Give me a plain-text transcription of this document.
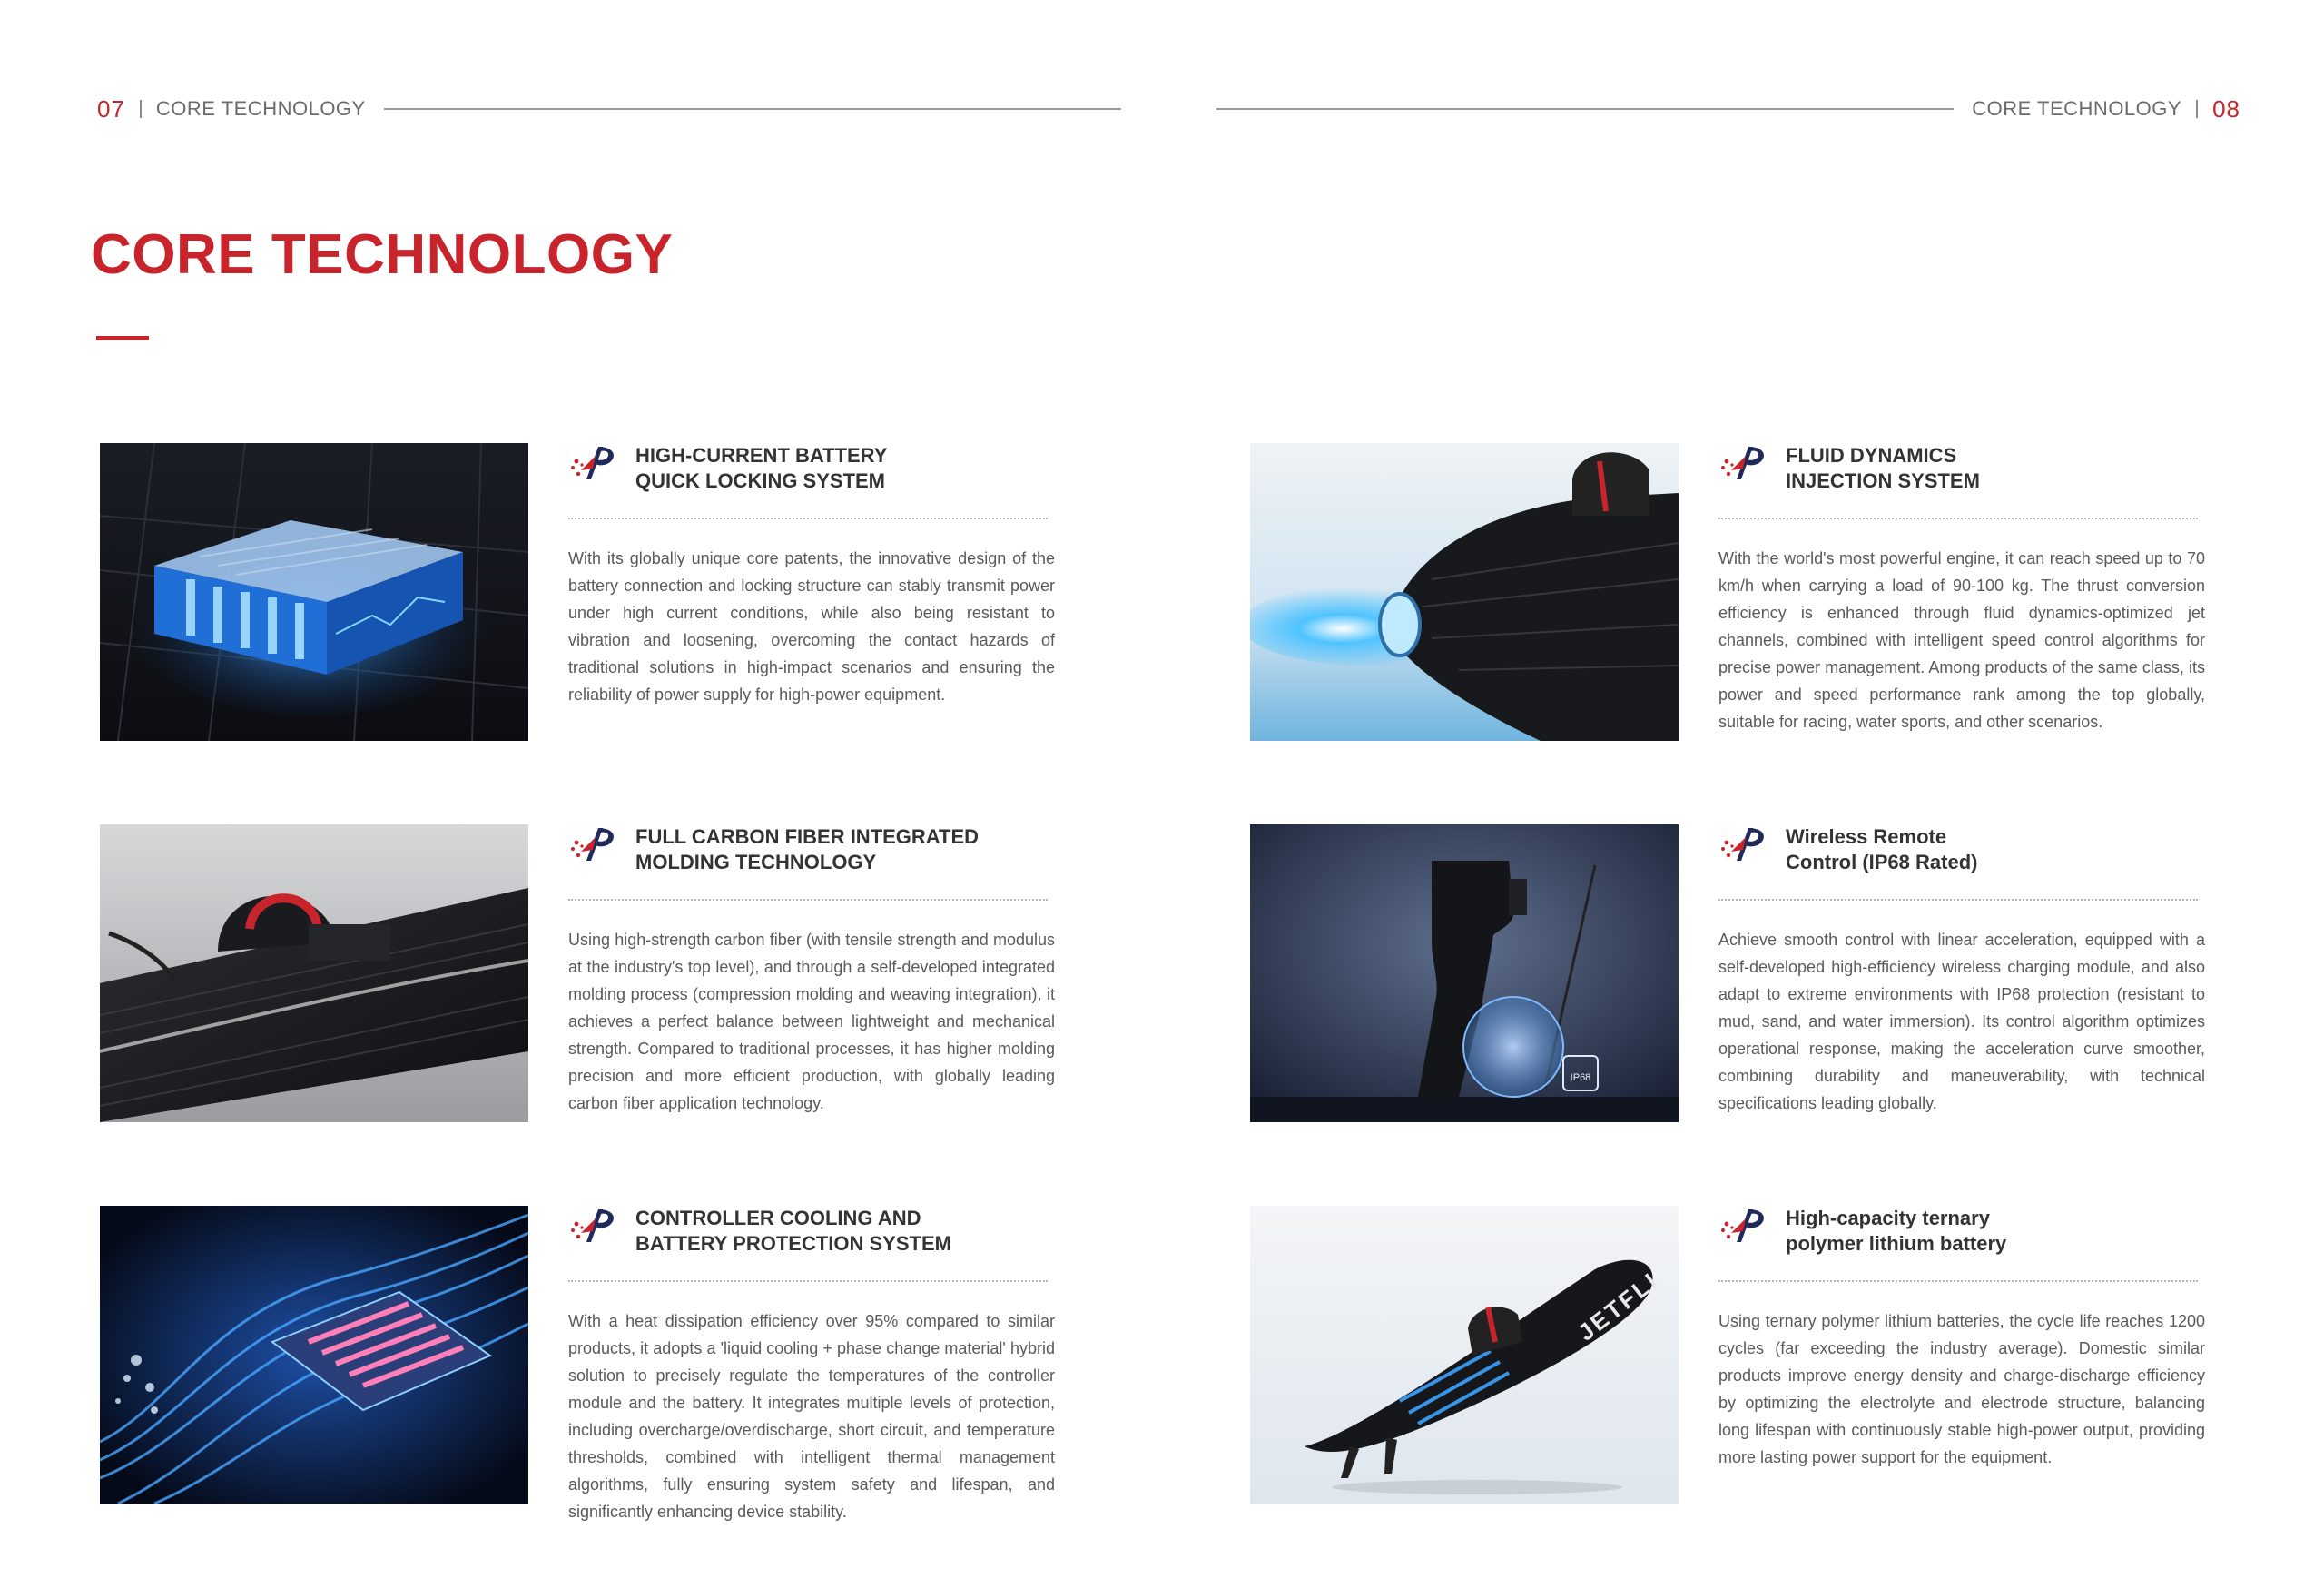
07 CORE TECHNOLOGY
CORE TECHNOLOGY
HIGH-CURRENT BATTERY
QUICK LOCKING SYSTEM

With its globally unique core patents, the innovative design of the battery connection and locking structure can stably transmit power under high current conditions, while also being resistant to vibration and loosening, overcoming the contact hazards of traditional solutions in high-impact scenarios and ensuring the reliability of power supply for high-power equipment.

FULL CARBON FIBER INTEGRATED
MOLDING TECHNOLOGY

Using high-strength carbon fiber (with tensile strength and modulus at the industry's top level), and through a self-developed integrated molding process (compression molding and weaving integration), it achieves a perfect balance between lightweight and mechanical strength. Compared to traditional processes, it has higher molding precision and more efficient production, with globally leading carbon fiber application technology.

CONTROLLER COOLING AND
BATTERY PROTECTION SYSTEM

With a heat dissipation efficiency over 95% compared to similar products, it adopts a 'liquid cooling + phase change material' hybrid solution to precisely regulate the temperatures of the controller module and the battery. It integrates multiple levels of protection, including overcharge/overdischarge, short circuit, and temperature thresholds, combined with intelligent thermal management algorithms, fully ensuring system safety and lifespan, and significantly enhancing device stability.

CORE TECHNOLOGY 08
FLUID DYNAMICS
INJECTION SYSTEM

With the world's most powerful engine, it can reach speed up to 70 km/h when carrying a load of 90-100 kg. The thrust conversion efficiency is enhanced through fluid dynamics-optimized jet channels, combined with intelligent speed control algorithms for precise power management. Among products of the same class, its power and speed performance rank among the top globally, suitable for racing, water sports, and other scenarios.

IP68
Wireless Remote
Control (IP68 Rated)

Achieve smooth control with linear acceleration, equipped with a self-developed high-efficiency wireless charging module, and also adapt to extreme environments with IP68 protection (resistant to mud, sand, and water immersion). Its control algorithm optimizes operational response, making the acceleration curve smoother, combining durability and maneuverability, with technical specifications leading globally.

JETFLI
High-capacity ternary
polymer lithium battery

Using ternary polymer lithium batteries, the cycle life reaches 1200 cycles (far exceeding the industry average). Domestic similar products improve energy density and charge-discharge efficiency by optimizing the electrolyte and electrode structure, balancing long lifespan with continuously stable high-power output, providing more lasting power support for the equipment.
